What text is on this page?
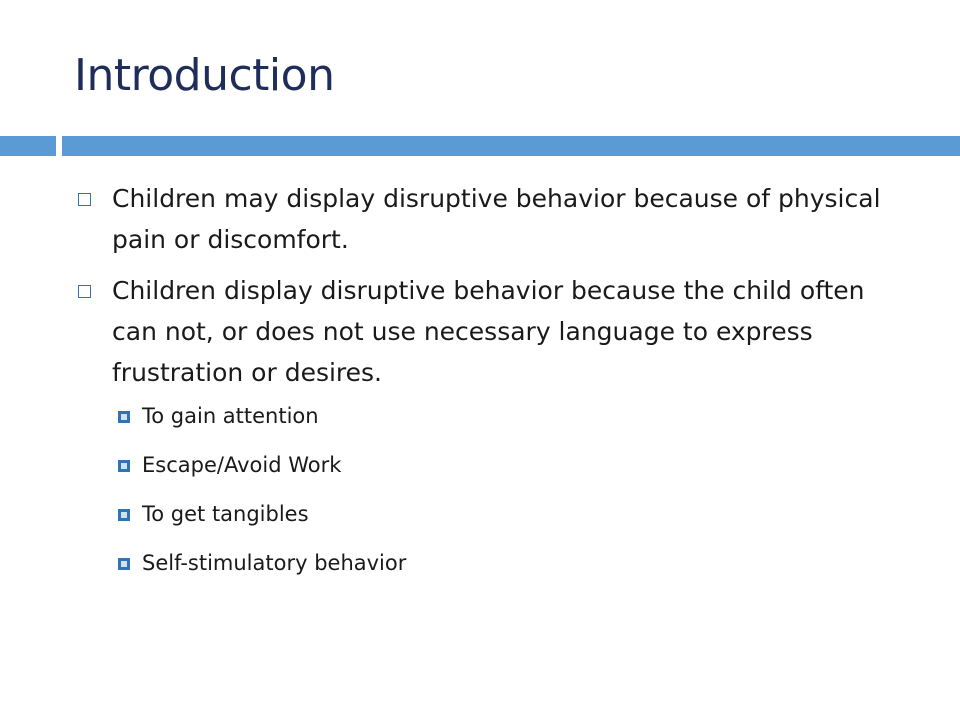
Introduction
Children may display disruptive behavior because of physical pain or discomfort.
Children display disruptive behavior because the child often can not, or does not use necessary language to express frustration or desires.
To gain attention
Escape/Avoid Work
To get tangibles
Self-stimulatory behavior
